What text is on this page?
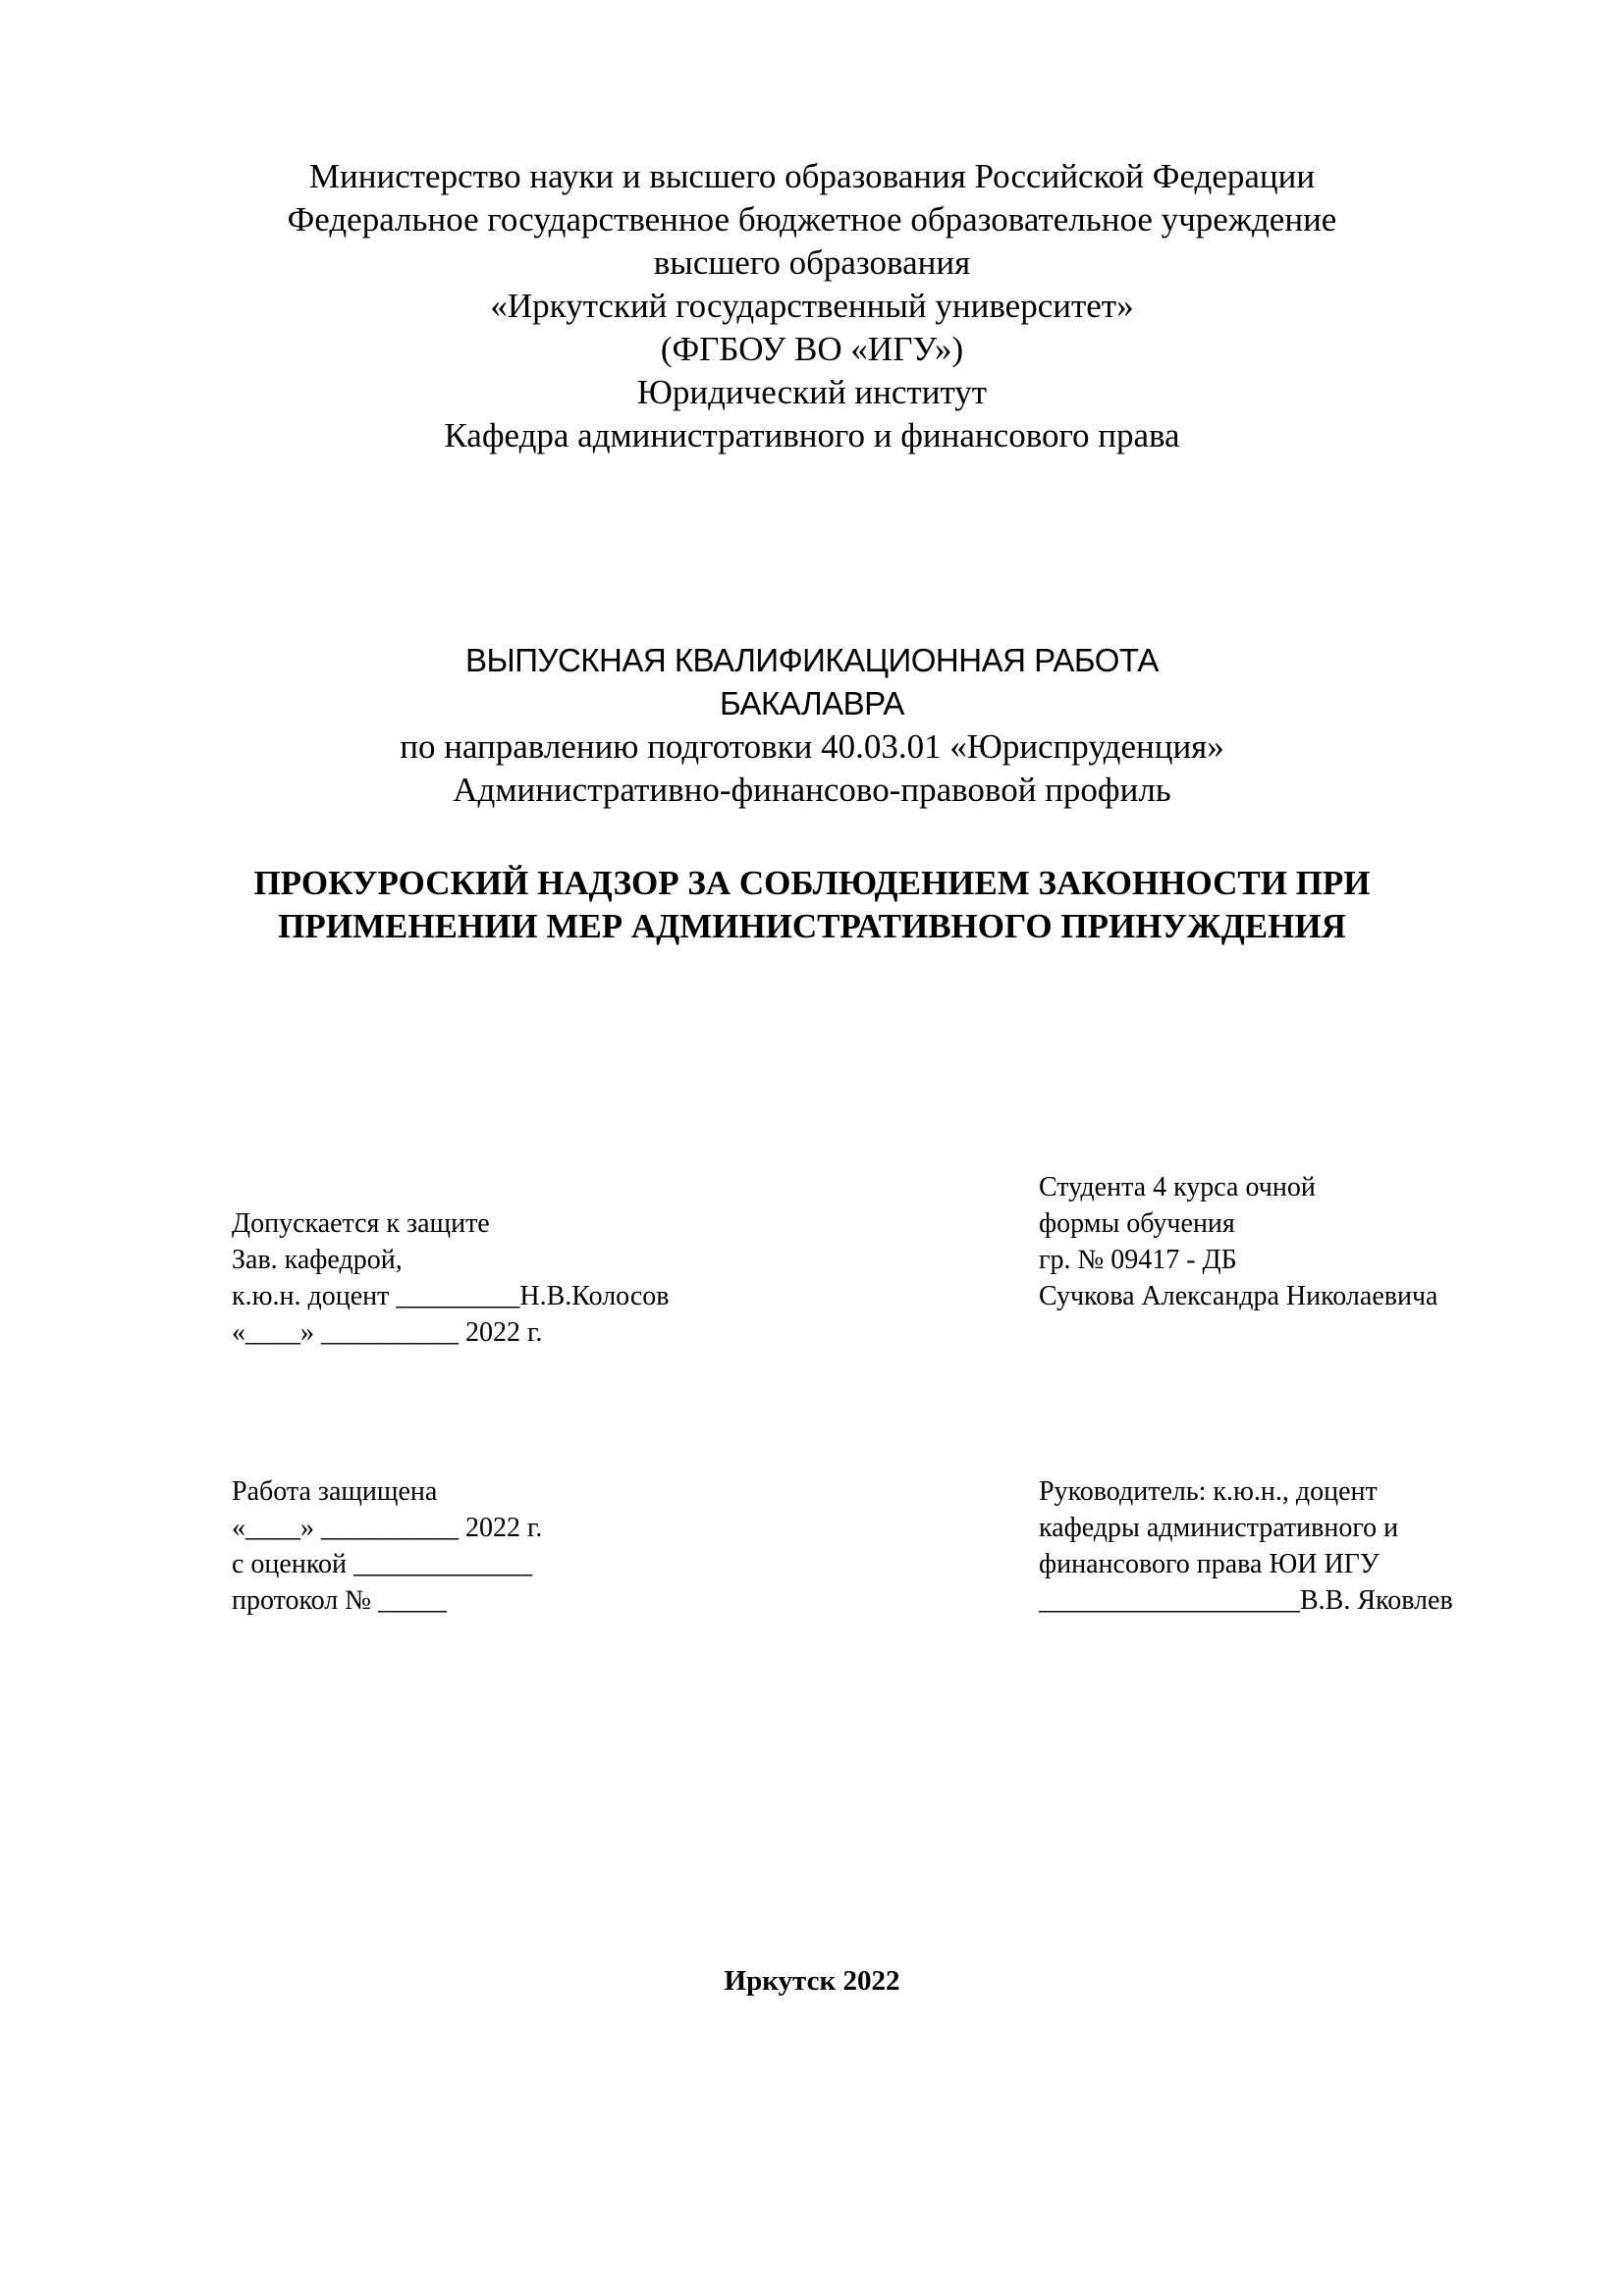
Министерство науки и высшего образования Российской Федерации
Федеральное государственное бюджетное образовательное учреждение
высшего образования
«Иркутский государственный университет»
(ФГБОУ ВО «ИГУ»)
Юридический институт
Кафедра административного и финансового права
ВЫПУСКНАЯ КВАЛИФИКАЦИОННАЯ РАБОТА
БАКАЛАВРА
по направлению подготовки 40.03.01 «Юриспруденция»
Административно-финансово-правовой профиль
ПРОКУРОСКИЙ НАДЗОР ЗА СОБЛЮДЕНИЕМ ЗАКОННОСТИ ПРИ
ПРИМЕНЕНИИ МЕР АДМИНИСТРАТИВНОГО ПРИНУЖДЕНИЯ
Допускается к защите
Зав. кафедрой,
к.ю.н. доцент _________Н.В.Колосов
«____» __________ 2022 г.
Студента 4 курса очной
формы обучения
гр. № 09417 - ДБ
Сучкова Александра Николаевича
Работа защищена
«____» __________ 2022 г.
с оценкой _____________
протокол № _____
Руководитель: к.ю.н., доцент
кафедры административного и
финансового права ЮИ ИГУ
___________________В.В. Яковлев
Иркутск 2022
